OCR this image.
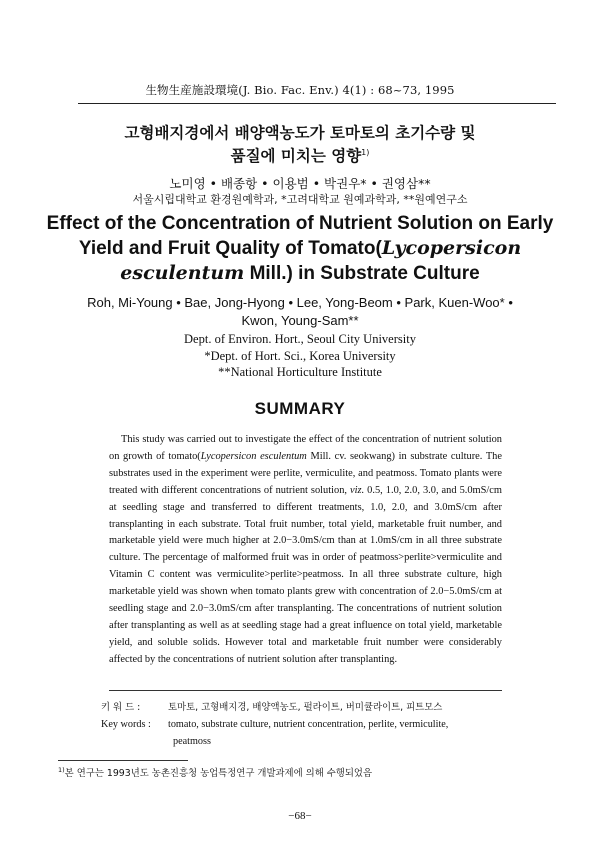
生物生産施設環境(J. Bio. Fac. Env.) 4(1) : 68~73, 1995
고형배지경에서 배양액농도가 토마토의 초기수량 및
품질에 미치는 영향$^{1)}$
노미영 • 배종항 • 이용범 • 박권우* • 권영삼**
서울시립대학교 환경원예학과, *고려대학교 원예과학과, **원예연구소
Effect of the Concentration of Nutrient Solution on Early Yield and Fruit Quality of Tomato(Lycopersicon esculentum Mill.) in Substrate Culture
Roh, Mi-Young • Bae, Jong-Hyong • Lee, Yong-Beom • Park, Kuen-Woo* •
Kwon, Young-Sam**
Dept. of Environ. Hort., Seoul City University
*Dept. of Hort. Sci., Korea University
**National Horticulture Institute
SUMMARY

This study was carried out to investigate the effect of the concentration of nutrient solution on growth of tomato(Lycopersicon esculentum Mill. cv. seokwang) in substrate culture. The substrates used in the experiment were perlite, vermiculite, and peatmoss. Tomato plants were treated with different concentrations of nutrient solution, viz. 0.5, 1.0, 2.0, 3.0, and 5.0mS/cm at seedling stage and transferred to different treatments, 1.0, 2.0, and 3.0mS/cm after transplanting in each substrate. Total fruit number, total yield, marketable fruit number, and marketable yield were much higher at 2.0−3.0mS/cm than at 1.0mS/cm in all three substrate culture. The percentage of malformed fruit was in order of peatmoss>perlite>vermiculite and Vitamin C content was vermiculite>perlite>peatmoss. In all three substrate culture, high marketable yield was shown when tomato plants grew with concentration of 2.0−5.0mS/cm at seedling stage and 2.0−3.0mS/cm after transplanting. The concentrations of nutrient solution after transplanting as well as at seedling stage had a great influence on total yield, marketable yield, and soluble solids. However total and marketable fruit number were considerably affected by the concentrations of nutrient solution after transplanting.

키 워 드 :	토마토, 고형배지경, 배양액농도, 펄라이트, 버미큘라이트, 피트모스
Key words : tomato, substrate culture, nutrient concentration, perlite, vermiculite,
peatmoss
$^{1)}$본 연구는 1993년도 농촌진흥청 농업특정연구 개발과제에 의해 수행되었음
−68−
